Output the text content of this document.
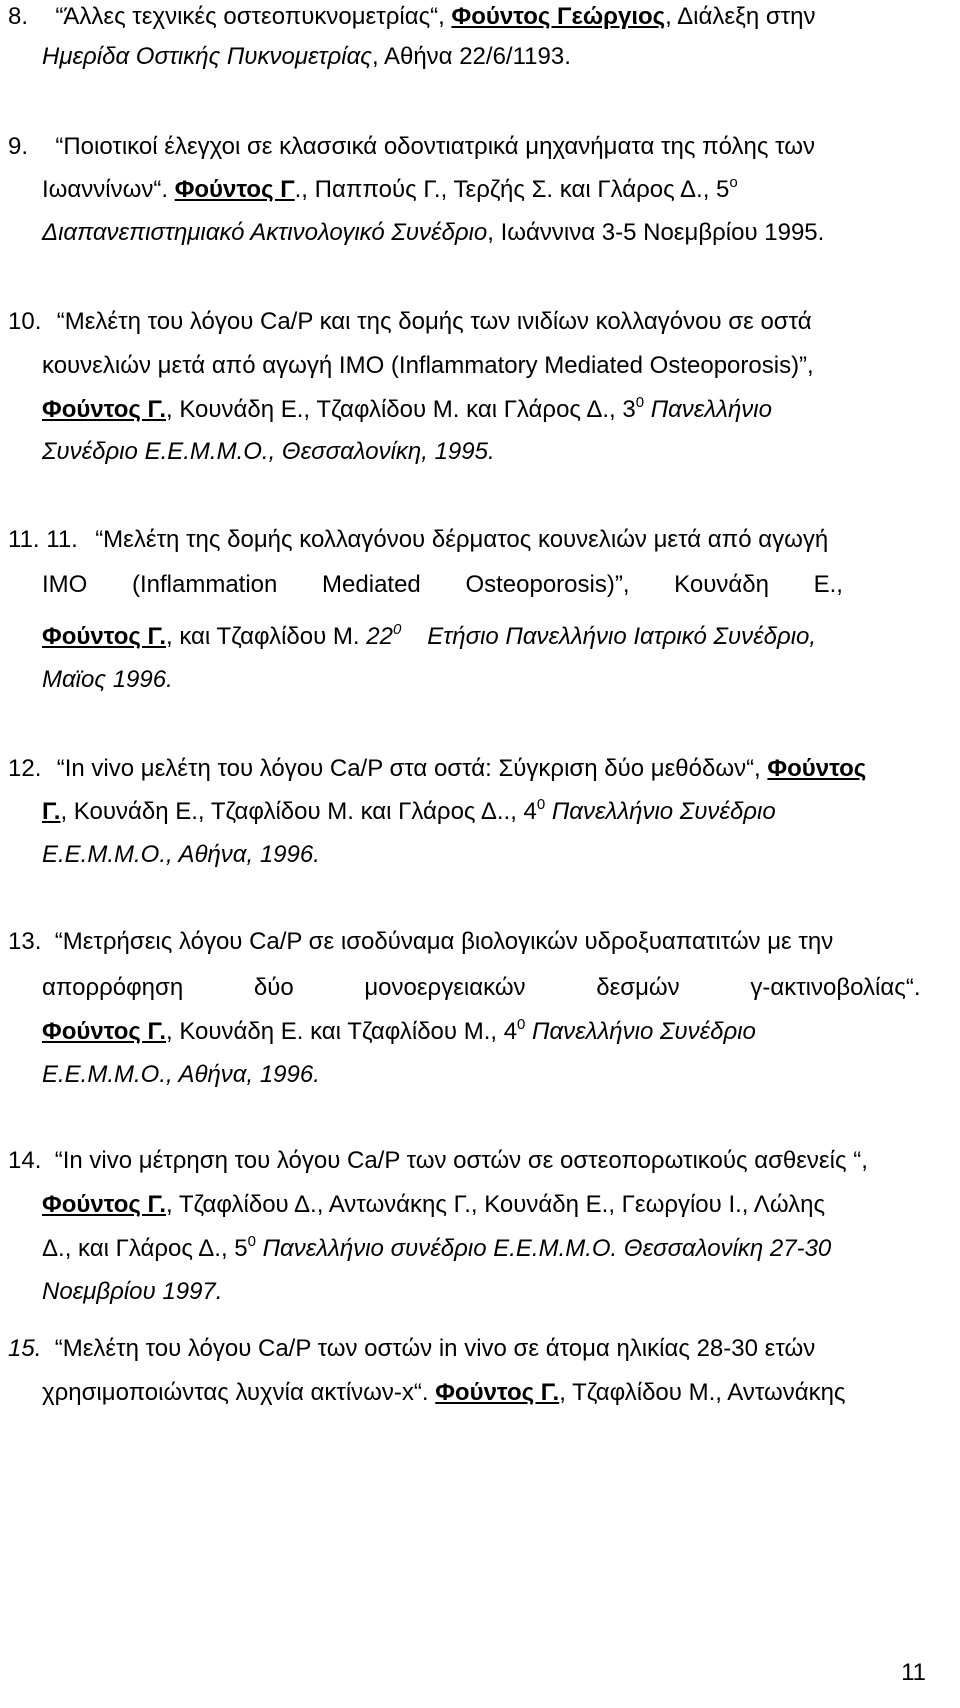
8. “Άλλες τεχνικές οστεοπυκνομετρίας“, Φούντος Γεώργιος, Διάλεξη στην
Ημερίδα Οστικής Πυκνομετρίας, Αθήνα 22/6/1193.
9. “Ποιοτικοί έλεγχοι σε κλασσικά οδοντιατρικά μηχανήματα της πόλης των
Ιωαννίνων“. Φούντος Γ., Παππούς Γ., Τερζής Σ. και Γλάρος Δ., $5^o$
Διαπανεπιστημιακό Ακτινολογικό Συνέδριο, Ιωάννινα 3-5 Νοεμβρίου 1995.
10. “Μελέτη του λόγου Ca/P και της δομής των ινιδίων κολλαγόνου σε οστά
κουνελιών μετά από αγωγή IMO (Inflammatory Mediated Osteoporosis)”,
Φούντος Γ., Κουνάδη Ε., Τζαφλίδου Μ. και Γλάρος Δ., $3^0$ Πανελλήνιο
Συνέδριο Ε.Ε.Μ.Μ.Ο., Θεσσαλονίκη, 1995.
11. 11. “Μελέτη της δομής κολλαγόνου δέρματος κουνελιών μετά από αγωγή
IMO (Inflammation Mediated Osteoporosis)”, Κουνάδη Ε.,
Φούντος Γ., και Τζαφλίδου Μ. $22^0$ Ετήσιο Πανελλήνιο Ιατρικό Συνέδριο,
Μαϊος 1996.
12. “In vivo μελέτη του λόγου Ca/P στα οστά: Σύγκριση δύο μεθόδων“, Φούντος
Γ., Κουνάδη Ε., Τζαφλίδου Μ. και Γλάρος Δ.., $4^0$ Πανελλήνιο Συνέδριο
Ε.Ε.Μ.Μ.Ο., Αθήνα, 1996.
13. “Μετρήσεις λόγου Ca/P σε ισοδύναμα βιολογικών υδροξυαπατιτών με την
απορρόφηση δύο μονοεργειακών δεσμών γ-ακτινοβολίας“.
Φούντος Γ., Κουνάδη Ε. και Τζαφλίδου Μ., $4^0$ Πανελλήνιο Συνέδριο
Ε.Ε.Μ.Μ.Ο., Αθήνα, 1996.
14. “In vivo μέτρηση του λόγου Ca/P των οστών σε οστεοπορωτικούς ασθενείς “,
Φούντος Γ., Τζαφλίδου Δ., Αντωνάκης Γ., Κουνάδη Ε., Γεωργίου Ι., Λώλης
Δ., και Γλάρος Δ., $5^0$ Πανελλήνιο συνέδριο Ε.Ε.Μ.Μ.Ο. Θεσσαλονίκη 27-30
Νοεμβρίου 1997.
15. “Μελέτη του λόγου Ca/P των οστών in vivo σε άτομα ηλικίας 28-30 ετών
χρησιμοποιώντας λυχνία ακτίνων-x“. Φούντος Γ., Τζαφλίδου Μ., Αντωνάκης
11
